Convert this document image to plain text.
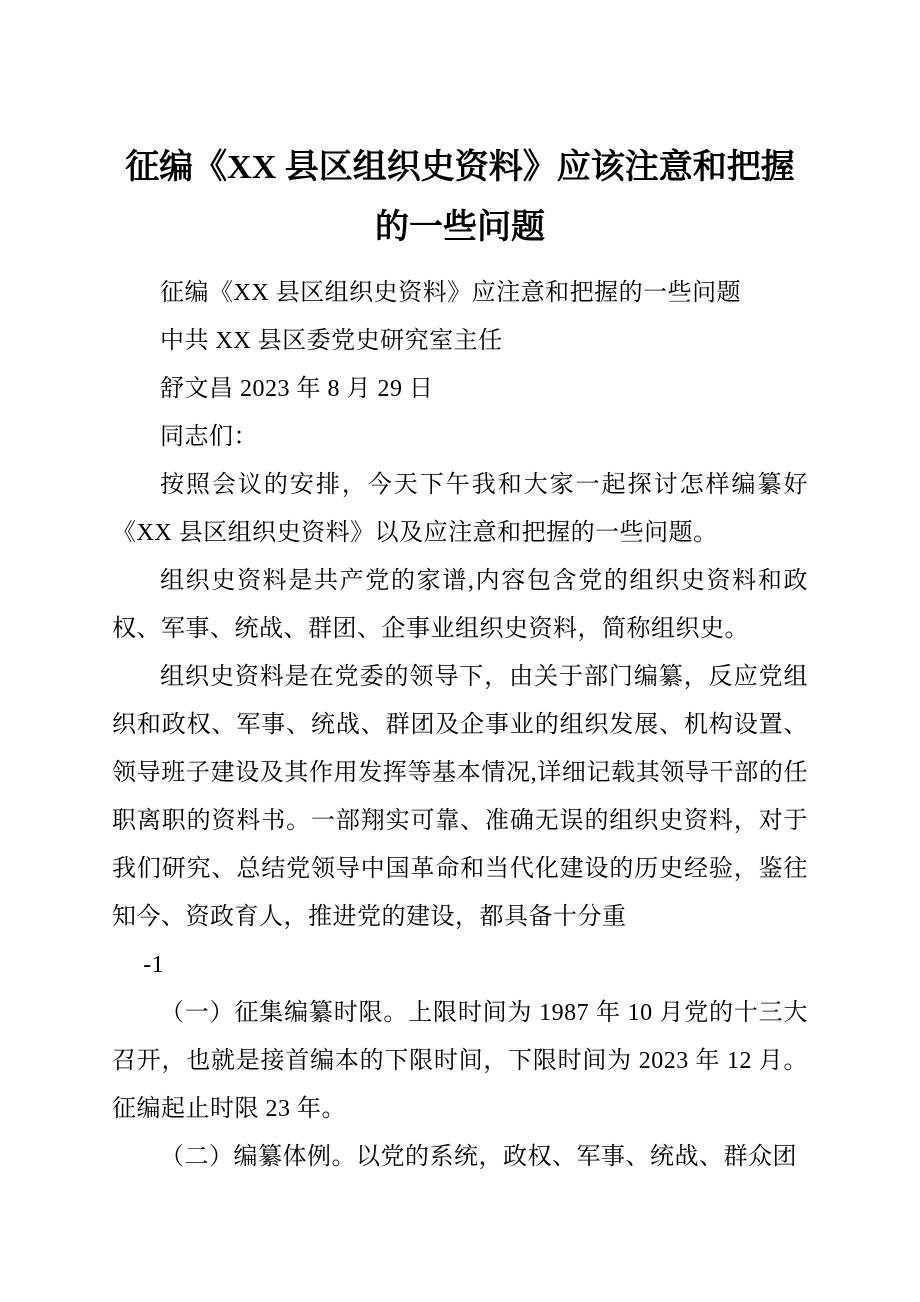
征编《XX 县区组织史资料》应该注意和把握的一些问题

征编《XX 县区组织史资料》应注意和把握的一些问题

中共 XX 县区委党史研究室主任

舒文昌 2023 年 8 月 29 日

同志们：

按照会议的安排，今天下午我和大家一起探讨怎样编纂好《XX 县区组织史资料》以及应注意和把握的一些问题。

组织史资料是共产党的家谱,内容包含党的组织史资料和政权、军事、统战、群团、企事业组织史资料，简称组织史。

组织史资料是在党委的领导下，由关于部门编纂，反应党组织和政权、军事、统战、群团及企事业的组织发展、机构设置、领导班子建设及其作用发挥等基本情况,详细记载其领导干部的任职离职的资料书。一部翔实可靠、准确无误的组织史资料，对于我们研究、总结党领导中国革命和当代化建设的历史经验，鉴往知今、资政育人，推进党的建设，都具备十分重

-1

（一）征集编纂时限。上限时间为 1987 年 10 月党的十三大召开，也就是接首编本的下限时间，下限时间为 2023 年 12 月。征编起止时限 23 年。

（二）编纂体例。以党的系统，政权、军事、统战、群众团
